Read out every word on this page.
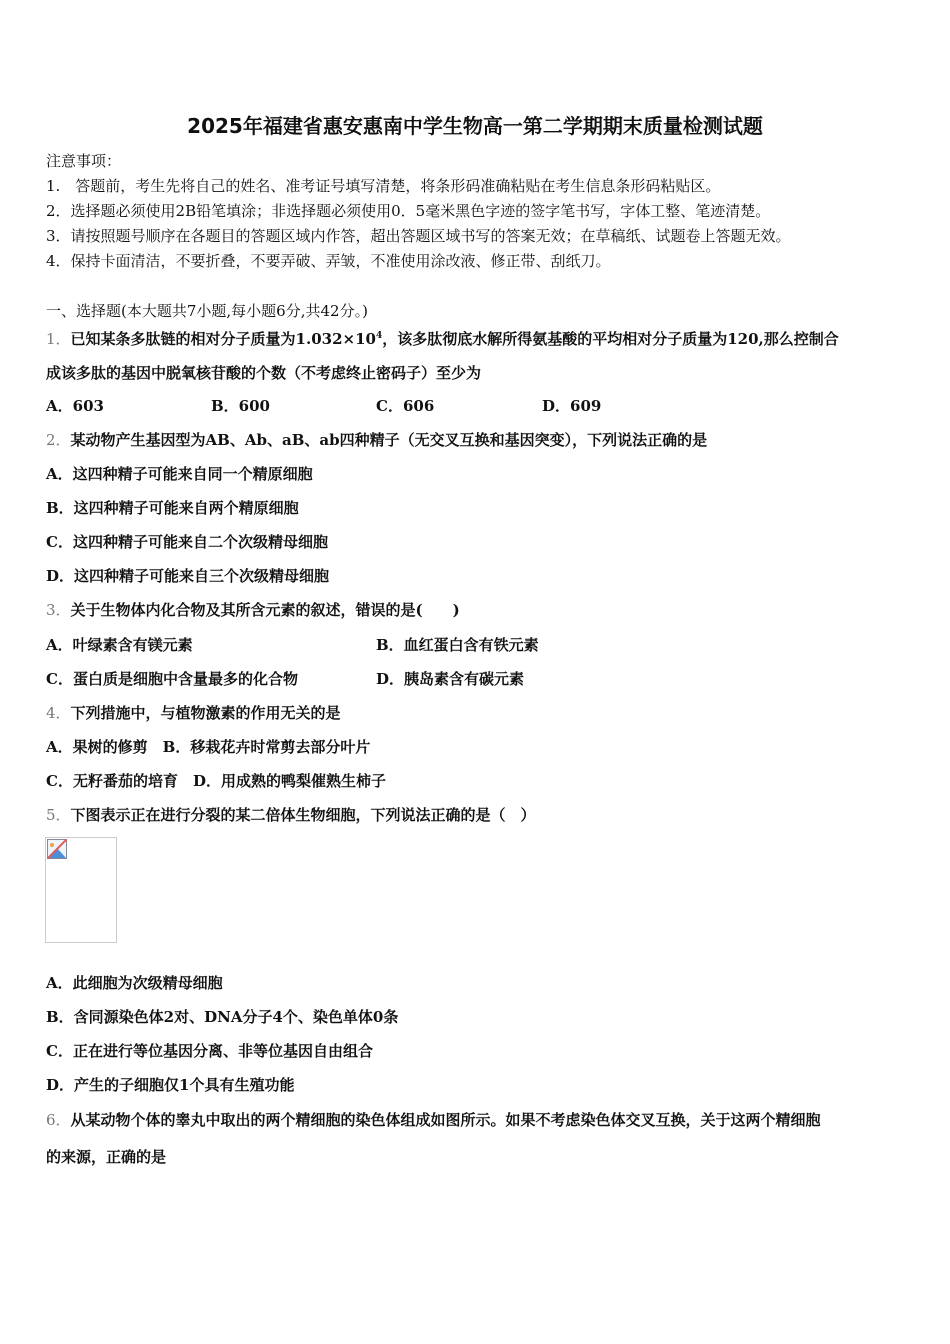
2025年福建省惠安惠南中学生物高一第二学期期末质量检测试题
注意事项：
1.　答题前，考生先将自己的姓名、准考证号填写清楚，将条形码准确粘贴在考生信息条形码粘贴区。
2．选择题必须使用2B铅笔填涂；非选择题必须使用0．5毫米黑色字迹的签字笔书写，字体工整、笔迹清楚。
3．请按照题号顺序在各题目的答题区域内作答，超出答题区域书写的答案无效；在草稿纸、试题卷上答题无效。
4．保持卡面清洁，不要折叠，不要弄破、弄皱，不准使用涂改液、修正带、刮纸刀。
一、选择题(本大题共7小题,每小题6分,共42分。)
1．已知某条多肽链的相对分子质量为$1.032\times 10^4$，该多肽彻底水解所得氨基酸的平均相对分子质量为120,那么控制合
成该多肽的基因中脱氧核苷酸的个数（不考虑终止密码子）至少为
A．603	B．600	C．606	D．609
2．某动物产生基因型为AB、Ab、aB、ab四种精子（无交叉互换和基因突变），下列说法正确的是
A．这四种精子可能来自同一个精原细胞
B．这四种精子可能来自两个精原细胞
C．这四种精子可能来自二个次级精母细胞
D．这四种精子可能来自三个次级精母细胞
3．关于生物体内化合物及其所含元素的叙述，错误的是(　　)
A．叶绿素含有镁元素	B．血红蛋白含有铁元素
C．蛋白质是细胞中含量最多的化合物	D．胰岛素含有碳元素
4．下列措施中，与植物激素的作用无关的是
A．果树的修剪　 B．移栽花卉时常剪去部分叶片
C．无籽番茄的培育　 D．用成熟的鸭梨催熟生柿子
5．下图表示正在进行分裂的某二倍体生物细胞，下列说法正确的是（　）
A．此细胞为次级精母细胞
B．含同源染色体2对、DNA分子4个、染色单体0条
C．正在进行等位基因分离、非等位基因自由组合
D．产生的子细胞仅1个具有生殖功能
6．从某动物个体的睾丸中取出的两个精细胞的染色体组成如图所示。如果不考虑染色体交叉互换，关于这两个精细胞
的来源，正确的是
